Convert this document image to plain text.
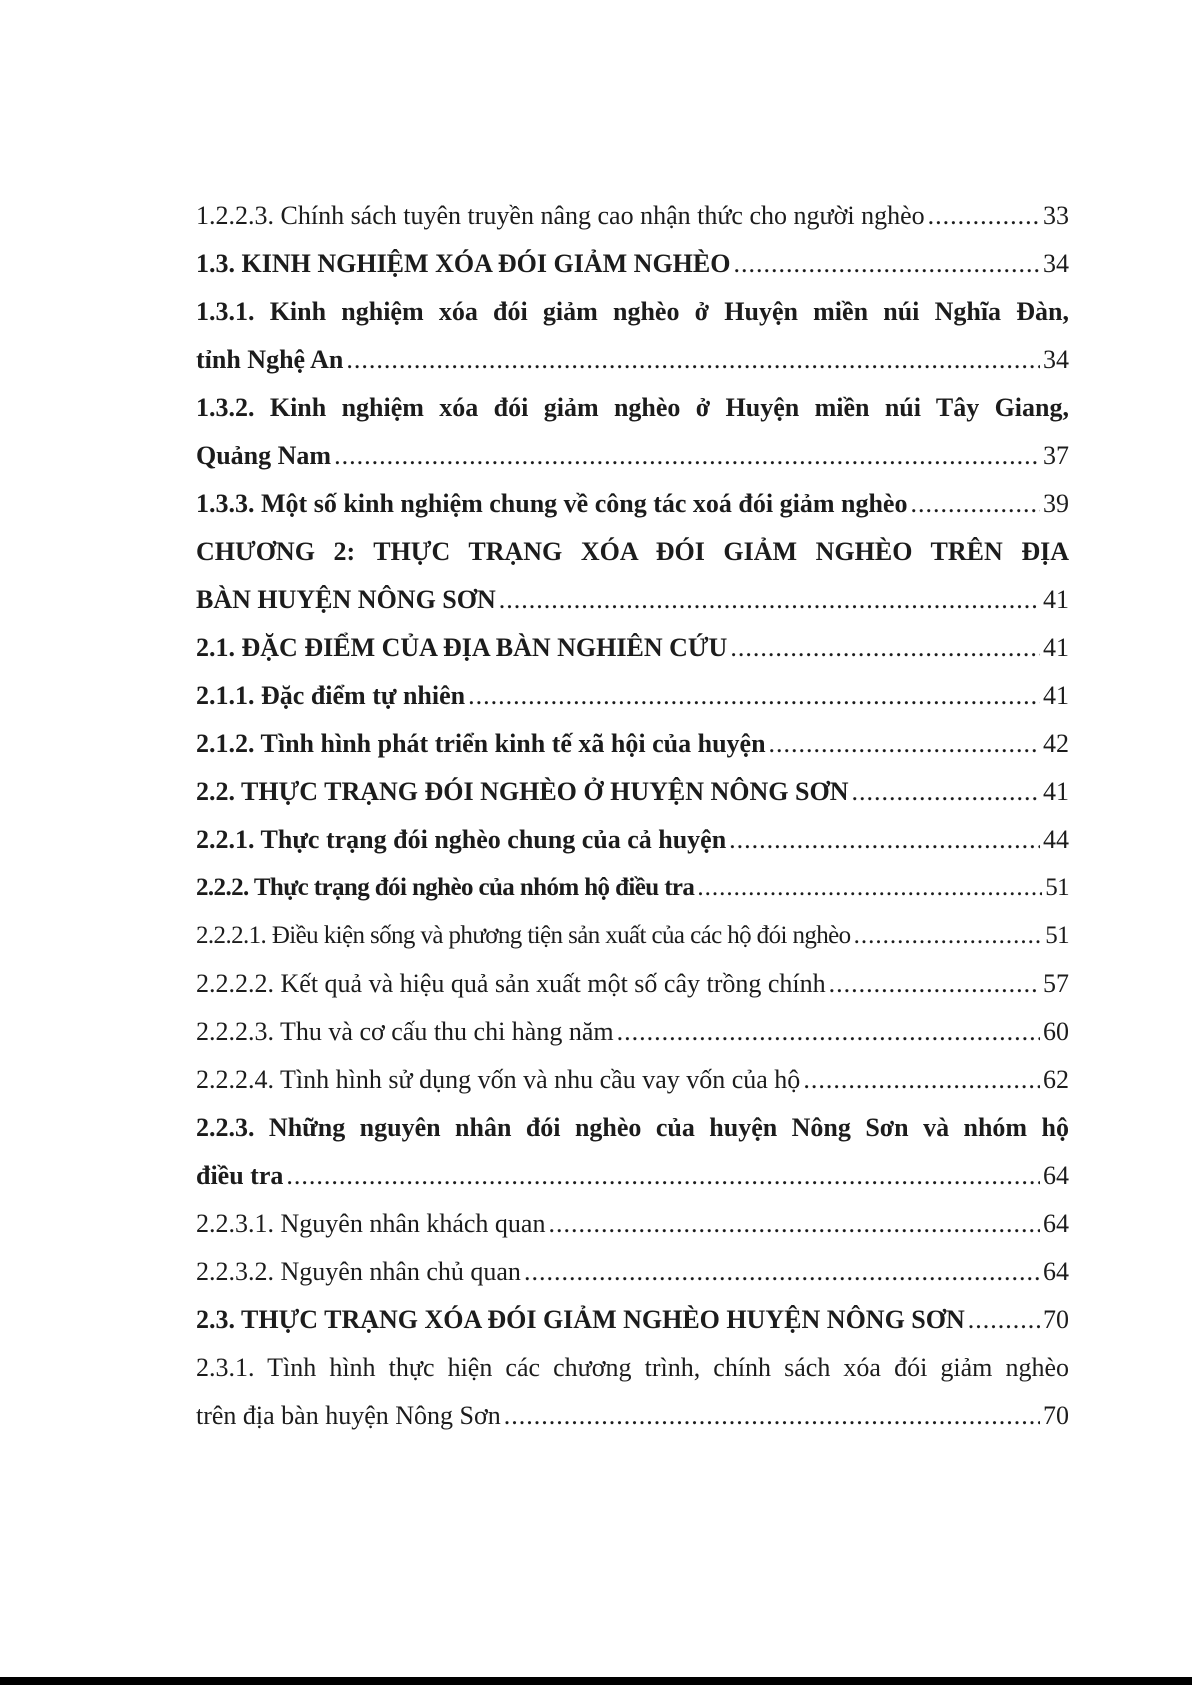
1.2.2.3. Chính sách tuyên truyền nâng cao nhận thức cho người nghèo .....	33
1.3. KINH NGHIỆM XÓA ĐÓI GIẢM NGHÈO .....	34
1.3.1. Kinh nghiệm xóa đói giảm nghèo ở Huyện miền núi Nghĩa Đàn,
tỉnh Nghệ An .....	34
1.3.2. Kinh nghiệm xóa đói giảm nghèo ở Huyện miền núi Tây Giang,
Quảng Nam .....	37
1.3.3. Một số kinh nghiệm chung về công tác xoá đói giảm nghèo .....	39
CHƯƠNG 2: THỰC TRẠNG XÓA ĐÓI GIẢM NGHÈO TRÊN ĐỊA
BÀN HUYỆN NÔNG SƠN .....	41
2.1. ĐẶC ĐIỂM CỦA ĐỊA BÀN NGHIÊN CỨU .....	41
2.1.1. Đặc điểm tự nhiên .....	41
2.1.2. Tình hình phát triển kinh tế xã hội của huyện .....	42
2.2. THỰC TRẠNG ĐÓI NGHÈO Ở HUYỆN NÔNG SƠN .....	41
2.2.1. Thực trạng đói nghèo chung của cả huyện .....	44
2.2.2. Thực trạng đói nghèo của nhóm hộ điều tra .....	51
2.2.2.1. Điều kiện sống và phương tiện sản xuất của các hộ đói nghèo .....	51
2.2.2.2. Kết quả và hiệu quả sản xuất một số cây trồng chính .....	57
2.2.2.3. Thu và cơ cấu thu chi hàng năm .....	60
2.2.2.4. Tình hình sử dụng vốn và nhu cầu vay vốn của hộ .....	62
2.2.3. Những nguyên nhân đói nghèo của huyện Nông Sơn và nhóm hộ
điều tra .....	64
2.2.3.1. Nguyên nhân khách quan .....	64
2.2.3.2. Nguyên nhân chủ quan .....	64
2.3. THỰC TRẠNG XÓA ĐÓI GIẢM NGHÈO HUYỆN NÔNG SƠN .....	70
2.3.1. Tình hình thực hiện các chương trình, chính sách xóa đói giảm nghèo
trên địa bàn huyện Nông Sơn .....	70
